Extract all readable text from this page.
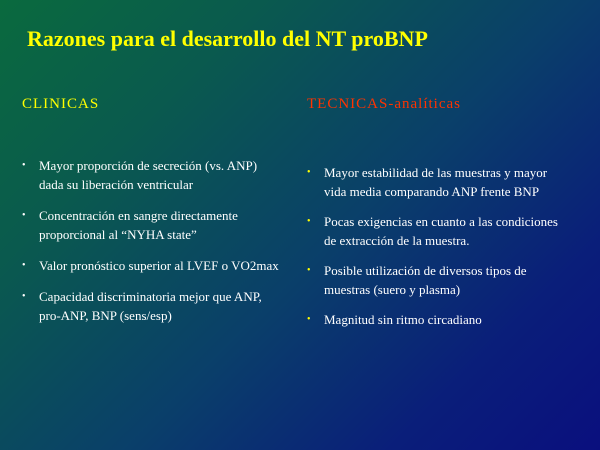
Razones para el desarrollo del NT proBNP
CLINICAS	TECNICAS-analíticas
• Mayor proporción de secreción (vs. ANP) dada su liberación ventricular
• Concentración en sangre directamente proporcional al “NYHA state”
• Valor pronóstico superior al LVEF o VO2max
• Capacidad discriminatoria mejor que ANP, pro-ANP, BNP (sens/esp)
• Mayor estabilidad de las muestras y mayor vida media comparando ANP frente BNP
• Pocas exigencias en cuanto a las condiciones de extracción de la muestra.
• Posible utilización de diversos tipos de muestras (suero y plasma)
• Magnitud sin ritmo circadiano
